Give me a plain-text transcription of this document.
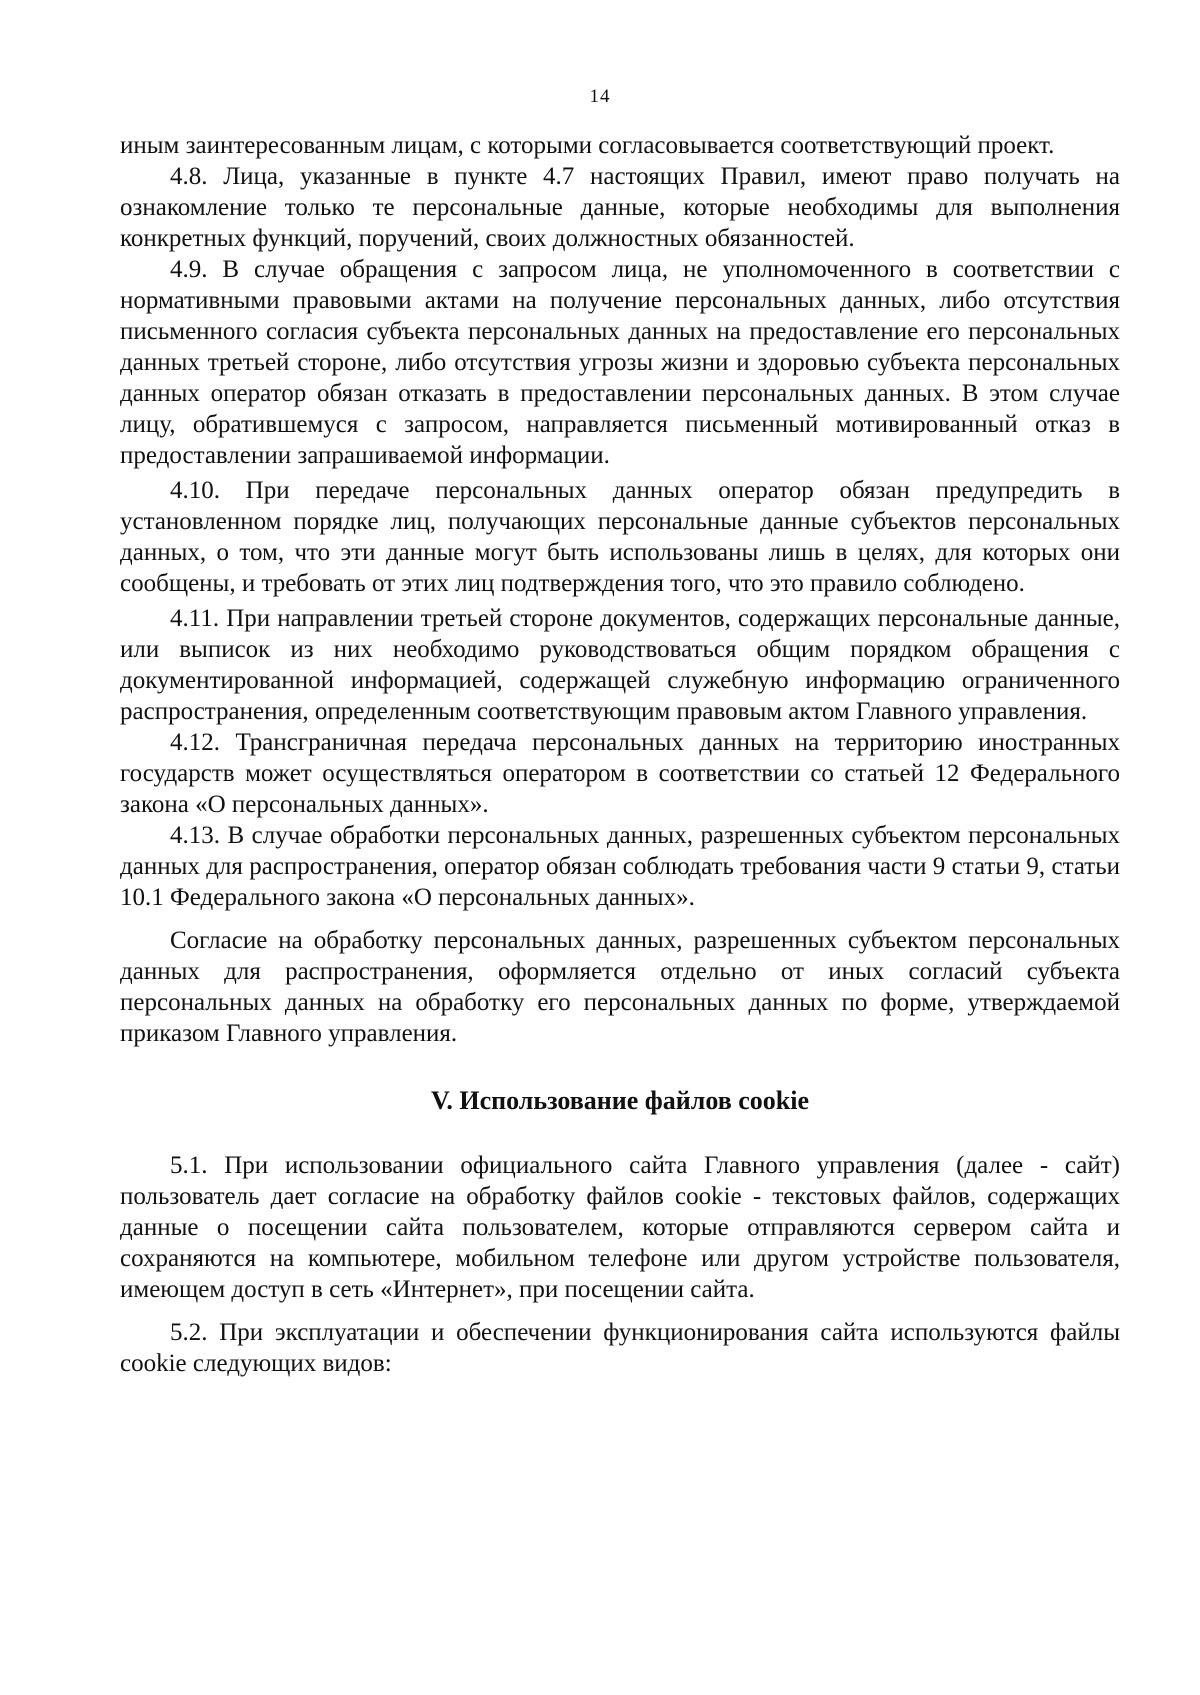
14

иным заинтересованным лицам, с которыми согласовывается соответствующий проект.

4.8. Лица, указанные в пункте 4.7 настоящих Правил, имеют право получать на ознакомление только те персональные данные, которые необходимы для выполнения конкретных функций, поручений, своих должностных обязанностей.

4.9. В случае обращения с запросом лица, не уполномоченного в соответствии с нормативными правовыми актами на получение персональных данных, либо отсутствия письменного согласия субъекта персональных данных на предоставление его персональных данных третьей стороне, либо отсутствия угрозы жизни и здоровью субъекта персональных данных оператор обязан отказать в предоставлении персональных данных. В этом случае лицу, обратившемуся с запросом, направляется письменный мотивированный отказ в предоставлении запрашиваемой информации.

4.10. При передаче персональных данных оператор обязан предупредить в установленном порядке лиц, получающих персональные данные субъектов персональных данных, о том, что эти данные могут быть использованы лишь в целях, для которых они сообщены, и требовать от этих лиц подтверждения того, что это правило соблюдено.

4.11. При направлении третьей стороне документов, содержащих персональные данные, или выписок из них необходимо руководствоваться общим порядком обращения с документированной информацией, содержащей служебную информацию ограниченного распространения, определенным соответствующим правовым актом Главного управления.

4.12. Трансграничная передача персональных данных на территорию иностранных государств может осуществляться оператором в соответствии со статьей 12 Федерального закона «О персональных данных».

4.13. В случае обработки персональных данных, разрешенных субъектом персональных данных для распространения, оператор обязан соблюдать требования части 9 статьи 9, статьи 10.1 Федерального закона «О персональных данных».

Согласие на обработку персональных данных, разрешенных субъектом персональных данных для распространения, оформляется отдельно от иных согласий субъекта персональных данных на обработку его персональных данных по форме, утверждаемой приказом Главного управления.

V. Использование файлов cookie

5.1. При использовании официального сайта Главного управления (далее - сайт) пользователь дает согласие на обработку файлов cookie - текстовых файлов, содержащих данные о посещении сайта пользователем, которые отправляются сервером сайта и сохраняются на компьютере, мобильном телефоне или другом устройстве пользователя, имеющем доступ в сеть «Интернет», при посещении сайта.

5.2. При эксплуатации и обеспечении функционирования сайта используются файлы cookie следующих видов:
